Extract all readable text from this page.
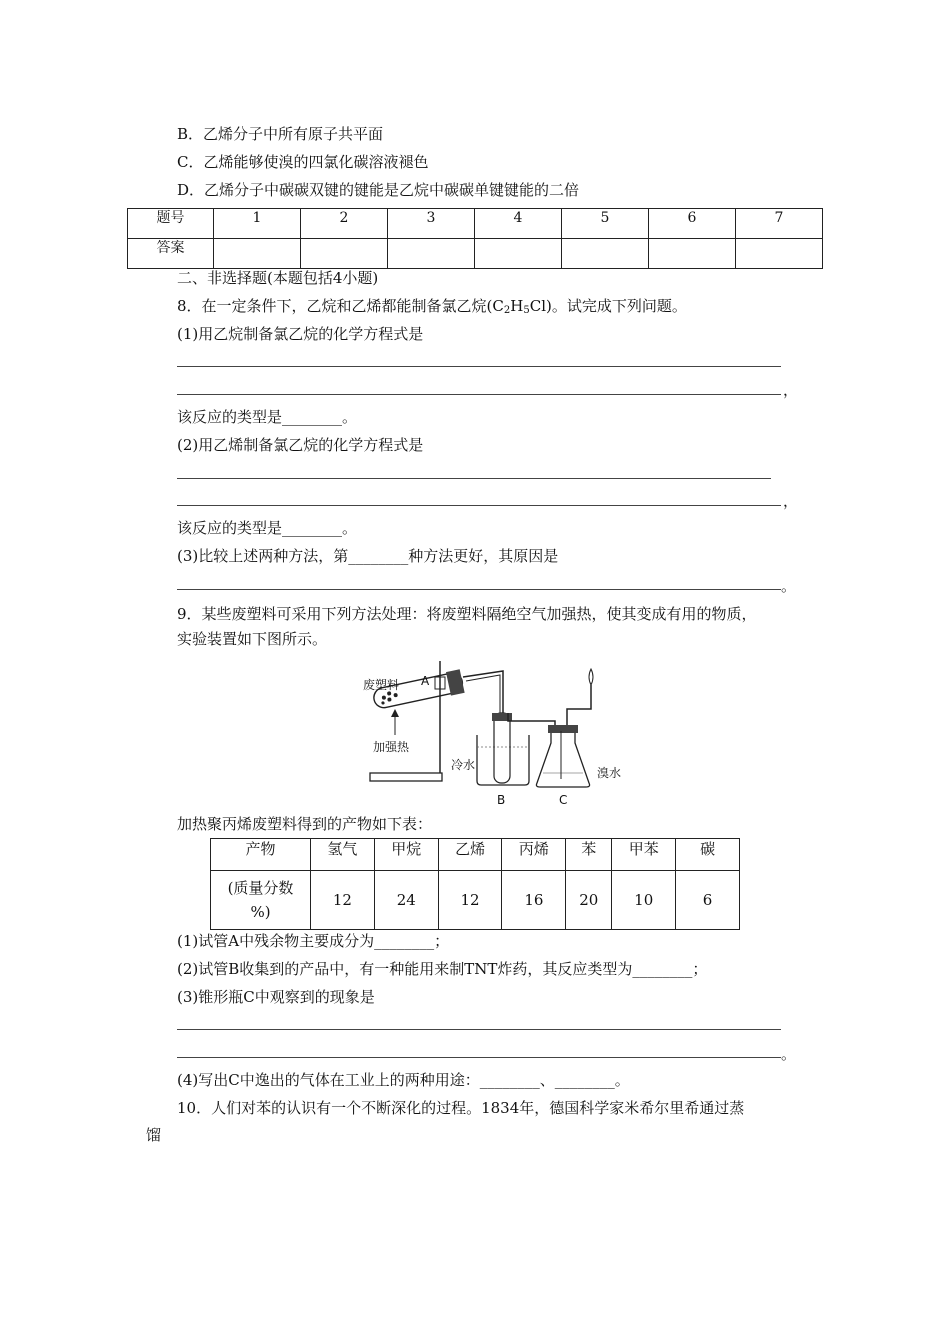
B．乙烯分子中所有原子共平面
C．乙烯能够使溴的四氯化碳溶液褪色
D．乙烯分子中碳碳双键的键能是乙烷中碳碳单键键能的二倍
题号	1	2	3	4	5	6	7
答案							
二、非选择题(本题包括4小题)
8．在一定条件下，乙烷和乙烯都能制备氯乙烷$(C_2H_5Cl)$。试完成下列问题。
(1)用乙烷制备氯乙烷的化学方程式是
，
该反应的类型是________。
(2)用乙烯制备氯乙烷的化学方程式是
，
该反应的类型是________。
(3)比较上述两种方法，第________种方法更好，其原因是
。
9．某些废塑料可采用下列方法处理：将废塑料隔绝空气加强热，使其变成有用的物质，
实验装置如下图所示。
废塑料 A
加强热
冷水
B	C
溴水
加热聚丙烯废塑料得到的产物如下表：
产物	氢气	甲烷	乙烯	丙烯	苯	甲苯	碳
(质量分数
%)	12	24	12	16	20	10	6
(1)试管A中残余物主要成分为________；
(2)试管B收集到的产品中，有一种能用来制TNT炸药，其反应类型为________；
(3)锥形瓶C中观察到的现象是
。
(4)写出C中逸出的气体在工业上的两种用途：________、________。
10．人们对苯的认识有一个不断深化的过程。1834年，德国科学家米希尔里希通过蒸
馏
